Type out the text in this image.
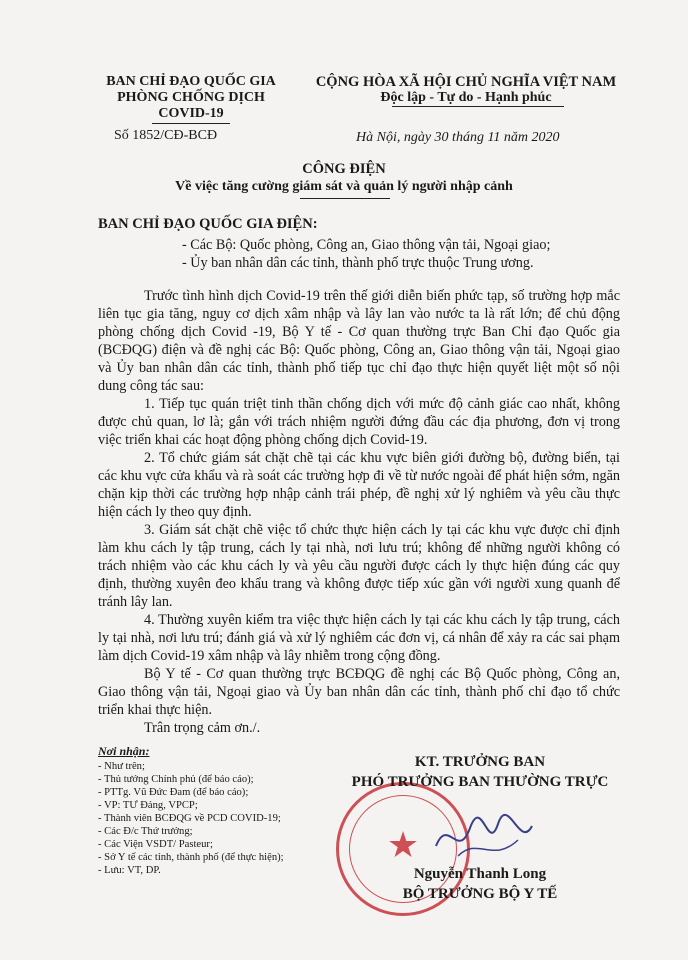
BAN CHỈ ĐẠO QUỐC GIA
PHÒNG CHỐNG DỊCH
COVID-19
Số 1852/CĐ-BCĐ
CỘNG HÒA XÃ HỘI CHỦ NGHĨA VIỆT NAM
Độc lập - Tự do - Hạnh phúc
Hà Nội, ngày 30 tháng 11 năm 2020
CÔNG ĐIỆN
Về việc tăng cường giám sát và quản lý người nhập cảnh
BAN CHỈ ĐẠO QUỐC GIA ĐIỆN:
- Các Bộ: Quốc phòng, Công an, Giao thông vận tải, Ngoại giao;
- Ủy ban nhân dân các tỉnh, thành phố trực thuộc Trung ương.

Trước tình hình dịch Covid-19 trên thế giới diễn biến phức tạp, số trường hợp mắc liên tục gia tăng, nguy cơ dịch xâm nhập và lây lan vào nước ta là rất lớn; để chủ động phòng chống dịch Covid -19, Bộ Y tế - Cơ quan thường trực Ban Chỉ đạo Quốc gia (BCĐQG) điện và đề nghị các Bộ: Quốc phòng, Công an, Giao thông vận tải, Ngoại giao và Ủy ban nhân dân các tỉnh, thành phố tiếp tục chỉ đạo thực hiện quyết liệt một số nội dung công tác sau:

1. Tiếp tục quán triệt tinh thần chống dịch với mức độ cảnh giác cao nhất, không được chủ quan, lơ là; gắn với trách nhiệm người đứng đầu các địa phương, đơn vị trong việc triển khai các hoạt động phòng chống dịch Covid-19.

2. Tổ chức giám sát chặt chẽ tại các khu vực biên giới đường bộ, đường biển, tại các khu vực cửa khẩu và rà soát các trường hợp đi về từ nước ngoài để phát hiện sớm, ngăn chặn kịp thời các trường hợp nhập cảnh trái phép, đề nghị xử lý nghiêm và yêu cầu thực hiện cách ly theo quy định.

3. Giám sát chặt chẽ việc tổ chức thực hiện cách ly tại các khu vực được chỉ định làm khu cách ly tập trung, cách ly tại nhà, nơi lưu trú; không để những người không có trách nhiệm vào các khu cách ly và yêu cầu người được cách ly thực hiện đúng các quy định, thường xuyên đeo khẩu trang và không được tiếp xúc gần với người xung quanh để tránh lây lan.

4. Thường xuyên kiểm tra việc thực hiện cách ly tại các khu cách ly tập trung, cách ly tại nhà, nơi lưu trú; đánh giá và xử lý nghiêm các đơn vị, cá nhân để xảy ra các sai phạm làm dịch Covid-19 xâm nhập và lây nhiễm trong cộng đồng.

Bộ Y tế - Cơ quan thường trực BCĐQG đề nghị các Bộ Quốc phòng, Công an, Giao thông vận tải, Ngoại giao và Ủy ban nhân dân các tỉnh, thành phố chỉ đạo tổ chức triển khai thực hiện.

Trân trọng cảm ơn./.

Nơi nhận:
- Như trên;
- Thủ tướng Chính phủ (để báo cáo);
- PTTg. Vũ Đức Đam (để báo cáo);
- VP: TƯ Đảng, VPCP;
- Thành viên BCĐQG về PCD COVID-19;
- Các Đ/c Thứ trưởng;
- Các Viện VSDT/ Pasteur;
- Sở Y tế các tỉnh, thành phố (để thực hiện);
- Lưu: VT, DP.
★
KT. TRƯỞNG BAN
PHÓ TRƯỞNG BAN THƯỜNG TRỰC
Nguyễn Thanh Long
BỘ TRƯỞNG BỘ Y TẾ
